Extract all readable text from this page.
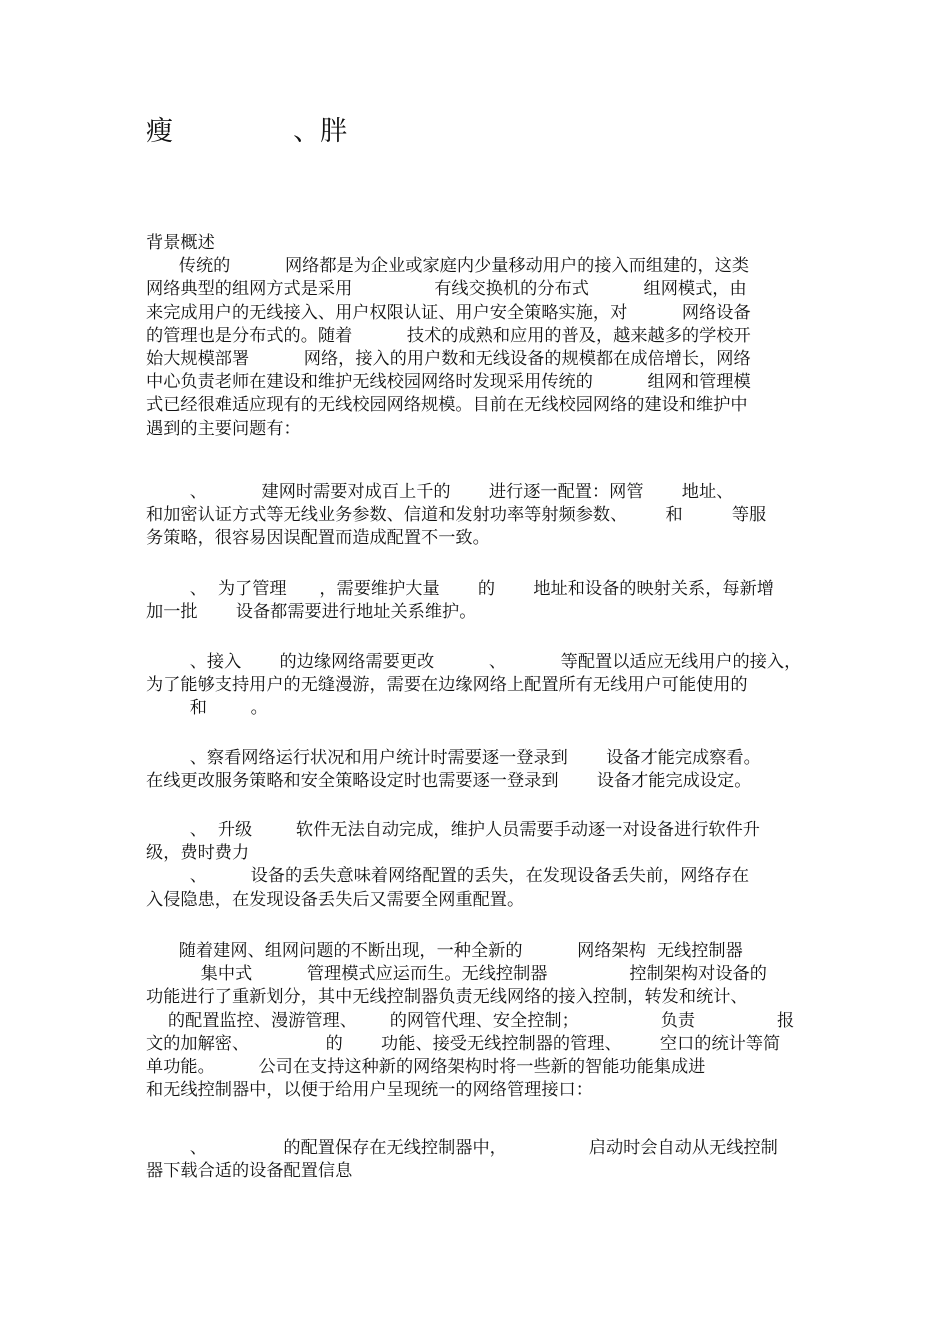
瘦              、胖
背景概述
传统的          网络都是为企业或家庭内少量移动用户的接入而组建的，这类
网络典型的组网方式是采用               有线交换机的分布式          组网模式，由
来完成用户的无线接入、用户权限认证、用户安全策略实施，对          网络设备
的管理也是分布式的。随着          技术的成熟和应用的普及，越来越多的学校开
始大规模部署          网络，接入的用户数和无线设备的规模都在成倍增长，网络
中心负责老师在建设和维护无线校园网络时发现采用传统的          组网和管理模
式已经很难适应现有的无线校园网络规模。目前在无线校园网络的建设和维护中
遇到的主要问题有：
、          建网时需要对成百上千的       进行逐一配置：网管       地址、
和加密认证方式等无线业务参数、信道和发射功率等射频参数、       和         等服
务策略，很容易因误配置而造成配置不一致。
、  为了管理      ，需要维护大量       的       地址和设备的映射关系，每新增
加一批       设备都需要进行地址关系维护。
、接入       的边缘网络需要更改          、          等配置以适应无线用户的接入，
为了能够支持用户的无缝漫游，需要在边缘网络上配置所有无线用户可能使用的
和        。
、察看网络运行状况和用户统计时需要逐一登录到       设备才能完成察看。
在线更改服务策略和安全策略设定时也需要逐一登录到       设备才能完成设定。
、  升级        软件无法自动完成，维护人员需要手动逐一对设备进行软件升
级，费时费力
、        设备的丢失意味着网络配置的丢失，在发现设备丢失前，网络存在
入侵隐患，在发现设备丢失后又需要全网重配置。
随着建网、组网问题的不断出现，一种全新的          网络架构  无线控制器
集中式          管理模式应运而生。无线控制器               控制架构对设备的
功能进行了重新划分，其中无线控制器负责无线网络的接入控制，转发和统计、
的配置监控、漫游管理、      的网管代理、安全控制；               负责               报
文的加解密、              的       功能、接受无线控制器的管理、       空口的统计等简
单功能。        公司在支持这种新的网络架构时将一些新的智能功能集成进
和无线控制器中，以便于给用户呈现统一的网络管理接口：
、              的配置保存在无线控制器中，               启动时会自动从无线控制
器下载合适的设备配置信息
